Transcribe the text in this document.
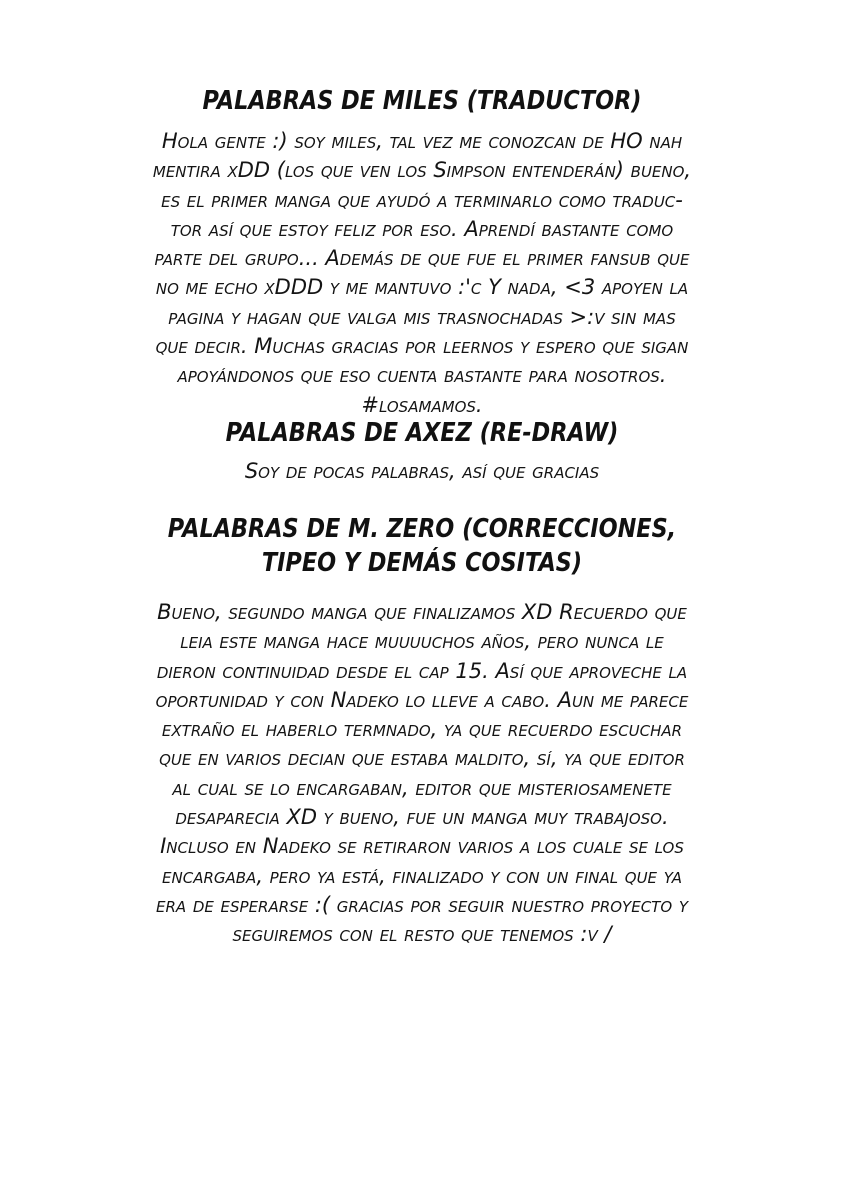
PALABRAS DE MILES (TRADUCTOR)
Hola gente :) soy miles, tal vez me conozcan de HO nah
mentira xDD (los que ven los Simpson entenderán) bueno,
es el primer manga que ayudó a terminarlo como traduc-
tor así que estoy feliz por eso. Aprendí bastante como
parte del grupo... Además de que fue el primer fansub que
no me echo xDDD y me mantuvo :'c Y nada, <3 apoyen la
pagina y hagan que valga mis trasnochadas >:v sin mas
que decir. Muchas gracias por leernos y espero que sigan
apoyándonos que eso cuenta bastante para nosotros.
#losamamos.
PALABRAS DE AXEZ (RE-DRAW)
Soy de pocas palabras, así que gracias
PALABRAS DE M. ZERO (CORRECCIONES,
TIPEO Y DEMÁS COSITAS)
Bueno, segundo manga que finalizamos XD Recuerdo que
leia este manga hace muuuuchos años, pero nunca le
dieron continuidad desde el cap 15. Así que aproveche la
oportunidad y con Nadeko lo lleve a cabo. Aun me parece
extraño el haberlo termnado, ya que recuerdo escuchar
que en varios decian que estaba maldito, sí, ya que editor
al cual se lo encargaban, editor que misteriosamenete
desaparecia XD y bueno, fue un manga muy trabajoso.
Incluso en Nadeko se retiraron varios a los cuale se los
encargaba, pero ya está, finalizado y con un final que ya
era de esperarse :( gracias por seguir nuestro proyecto y
seguiremos con el resto que tenemos :v /
